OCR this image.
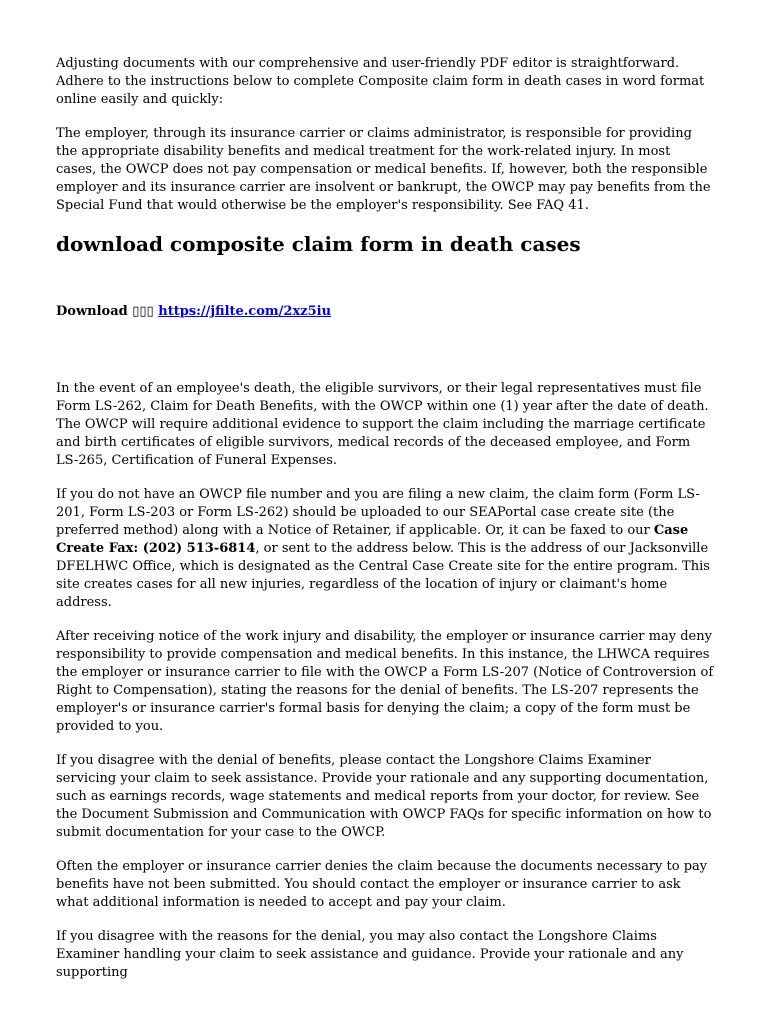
Adjusting documents with our comprehensive and user-friendly PDF editor is straightforward. Adhere to the instructions below to complete Composite claim form in death cases in word format online easily and quickly:

The employer, through its insurance carrier or claims administrator, is responsible for providing the appropriate disability benefits and medical treatment for the work-related injury. In most cases, the OWCP does not pay compensation or medical benefits. If, however, both the responsible employer and its insurance carrier are insolvent or bankrupt, the OWCP may pay benefits from the Special Fund that would otherwise be the employer's responsibility. See FAQ 41.

download composite claim form in death cases
Download ▯▯▯ https://jfilte.com/2xz5iu

In the event of an employee's death, the eligible survivors, or their legal representatives must file Form LS-262, Claim for Death Benefits, with the OWCP within one (1) year after the date of death. The OWCP will require additional evidence to support the claim including the marriage certificate and birth certificates of eligible survivors, medical records of the deceased employee, and Form LS-265, Certification of Funeral Expenses.

If you do not have an OWCP file number and you are filing a new claim, the claim form (Form LS-201, Form LS-203 or Form LS-262) should be uploaded to our SEAPortal case create site (the preferred method) along with a Notice of Retainer, if applicable. Or, it can be faxed to our Case Create Fax: (202) 513-6814, or sent to the address below. This is the address of our Jacksonville DFELHWC Office, which is designated as the Central Case Create site for the entire program. This site creates cases for all new injuries, regardless of the location of injury or claimant's home address.

After receiving notice of the work injury and disability, the employer or insurance carrier may deny responsibility to provide compensation and medical benefits. In this instance, the LHWCA requires the employer or insurance carrier to file with the OWCP a Form LS-207 (Notice of Controversion of Right to Compensation), stating the reasons for the denial of benefits. The LS-207 represents the employer's or insurance carrier's formal basis for denying the claim; a copy of the form must be provided to you.

If you disagree with the denial of benefits, please contact the Longshore Claims Examiner servicing your claim to seek assistance. Provide your rationale and any supporting documentation, such as earnings records, wage statements and medical reports from your doctor, for review. See the Document Submission and Communication with OWCP FAQs for specific information on how to submit documentation for your case to the OWCP.

Often the employer or insurance carrier denies the claim because the documents necessary to pay benefits have not been submitted. You should contact the employer or insurance carrier to ask what additional information is needed to accept and pay your claim.

If you disagree with the reasons for the denial, you may also contact the Longshore Claims Examiner handling your claim to seek assistance and guidance. Provide your rationale and any supporting
